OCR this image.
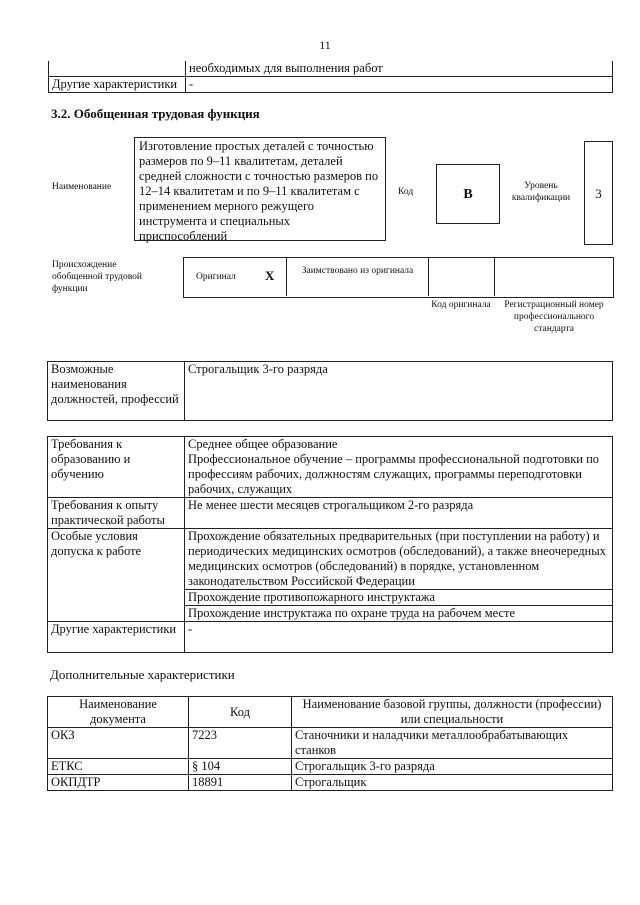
11
	необходимых для выполнения работ
Другие характеристики	-
3.2. Обобщенная трудовая функция
Наименование
Изготовление простых деталей с точностью размеров по 9–11 квалитетам, деталей средней сложности с точностью размеров по 12–14 квалитетам и по 9–11 квалитетам с применением мерного режущего инструмента и специальных приспособлений
Код	B
Уровень квалификации	3
Происхождение обобщенной трудовой функции
Оригинал X	Заимствовано из оригинала
Код оригинала	Регистрационный номер профессионального стандарта
Возможные наименования должностей, профессий	Строгальщик 3-го разряда
Требования к образованию и обучению	Среднее общее образование
Профессиональное обучение – программы профессиональной подготовки по профессиям рабочих, должностям служащих, программы переподготовки рабочих, служащих

Требования к опыту практической работы	Не менее шести месяцев строгальщиком 2-го разряда
Особые условия допуска к работе	Прохождение обязательных предварительных (при поступлении на работу) и периодических медицинских осмотров (обследований), а также внеочередных медицинских осмотров (обследований) в порядке, установленном законодательством Российской Федерации
	Прохождение противопожарного инструктажа
	Прохождение инструктажа по охране труда на рабочем месте
Другие характеристики	-
Дополнительные характеристики
Наименование документа	Код	Наименование базовой группы, должности (профессии) или специальности
ОКЗ	7223	Станочники и наладчики металлообрабатывающих станков
ЕТКС	§ 104	Строгальщик 3-го разряда
ОКПДТР	18891	Строгальщик
